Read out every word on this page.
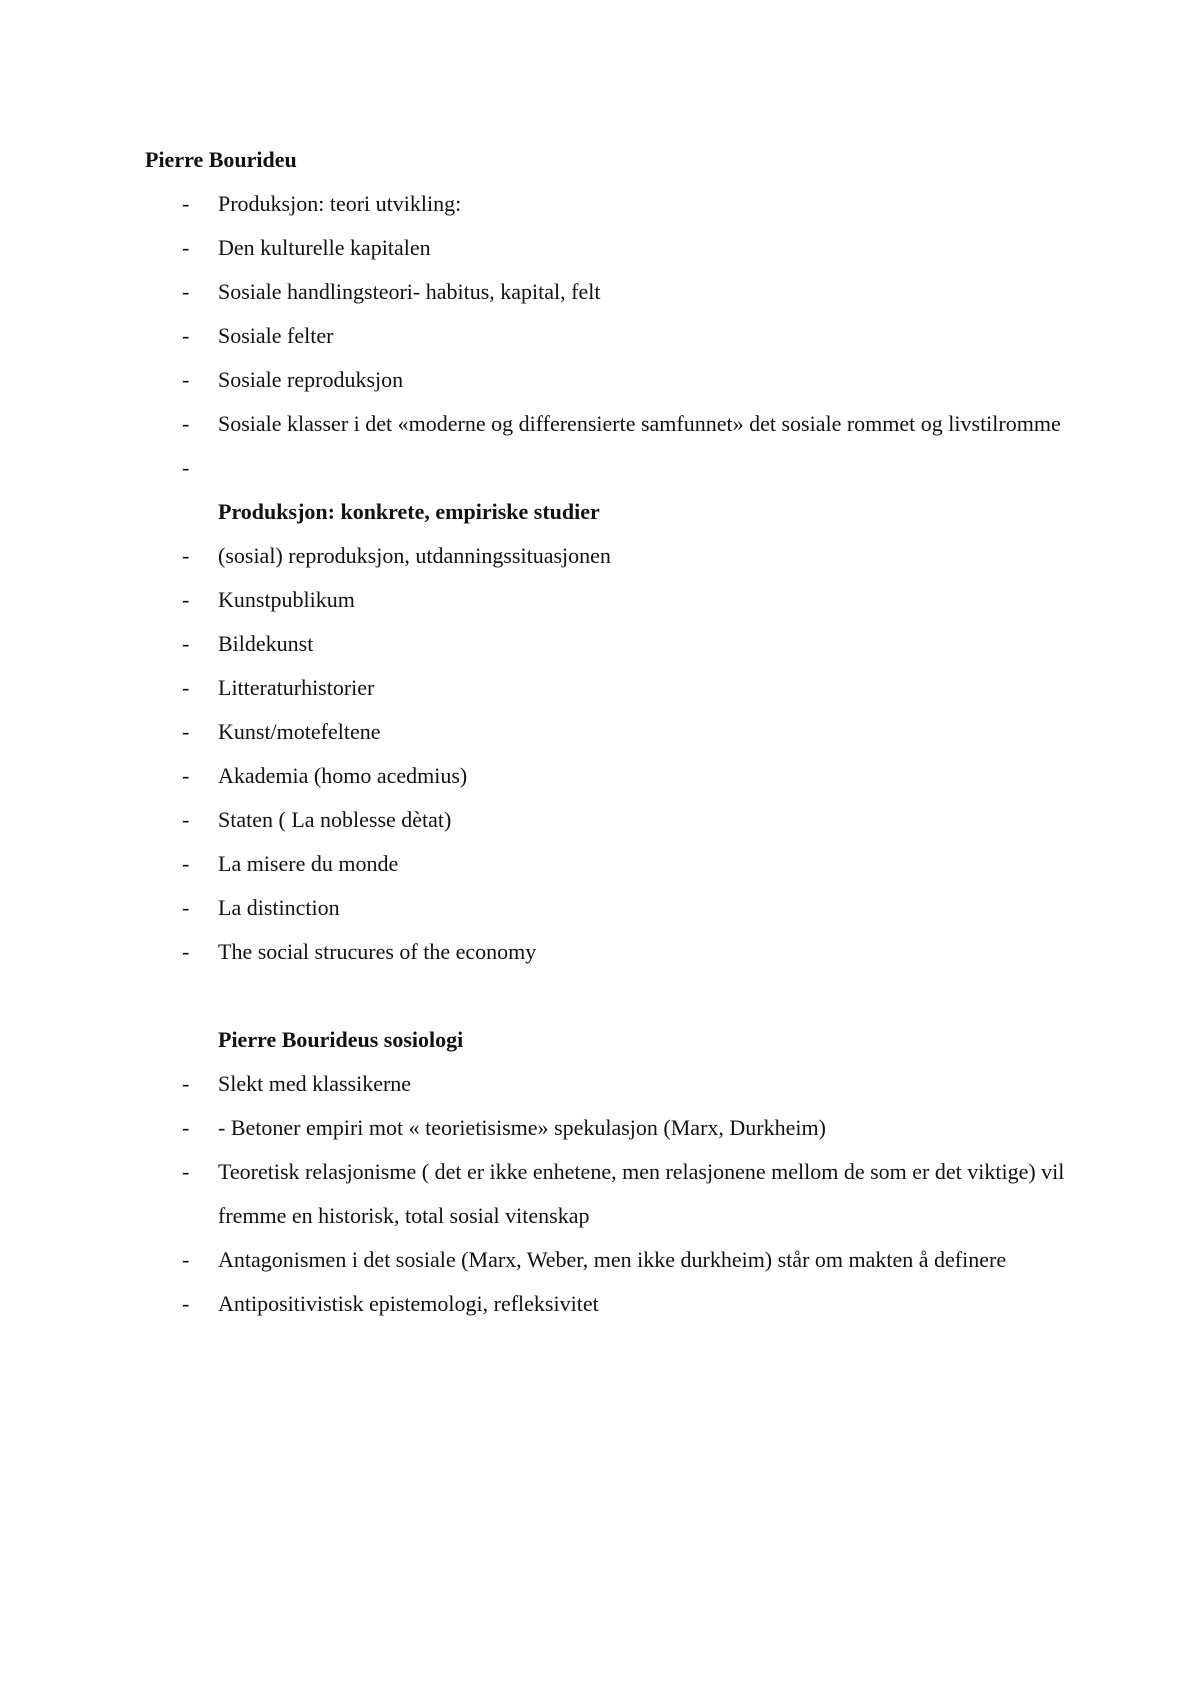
Pierre Bourideu

-	Produksjon: teori utvikling:
-	Den kulturelle kapitalen
-	Sosiale handlingsteori- habitus, kapital, felt
-	Sosiale felter
-	Sosiale reproduksjon
-	Sosiale klasser i det «moderne og differensierte samfunnet» det sosiale rommet og livstilromme
-

Produksjon: konkrete, empiriske studier

-	(sosial) reproduksjon, utdanningssituasjonen
-	Kunstpublikum
-	Bildekunst
-	Litteraturhistorier
-	Kunst/motefeltene
-	Akademia (homo acedmius)
-	Staten ( La noblesse dètat)
-	La misere du monde
-	La distinction
-	The social strucures of the economy

Pierre Bourideus sosiologi

-	Slekt med klassikerne
-	- Betoner empiri mot « teorietisisme» spekulasjon (Marx, Durkheim)
-	Teoretisk relasjonisme ( det er ikke enhetene, men relasjonene mellom de som er det viktige) vil fremme en historisk, total sosial vitenskap
-	Antagonismen i det sosiale (Marx, Weber, men ikke durkheim) står om makten å definere
-	Antipositivistisk epistemologi, refleksivitet
